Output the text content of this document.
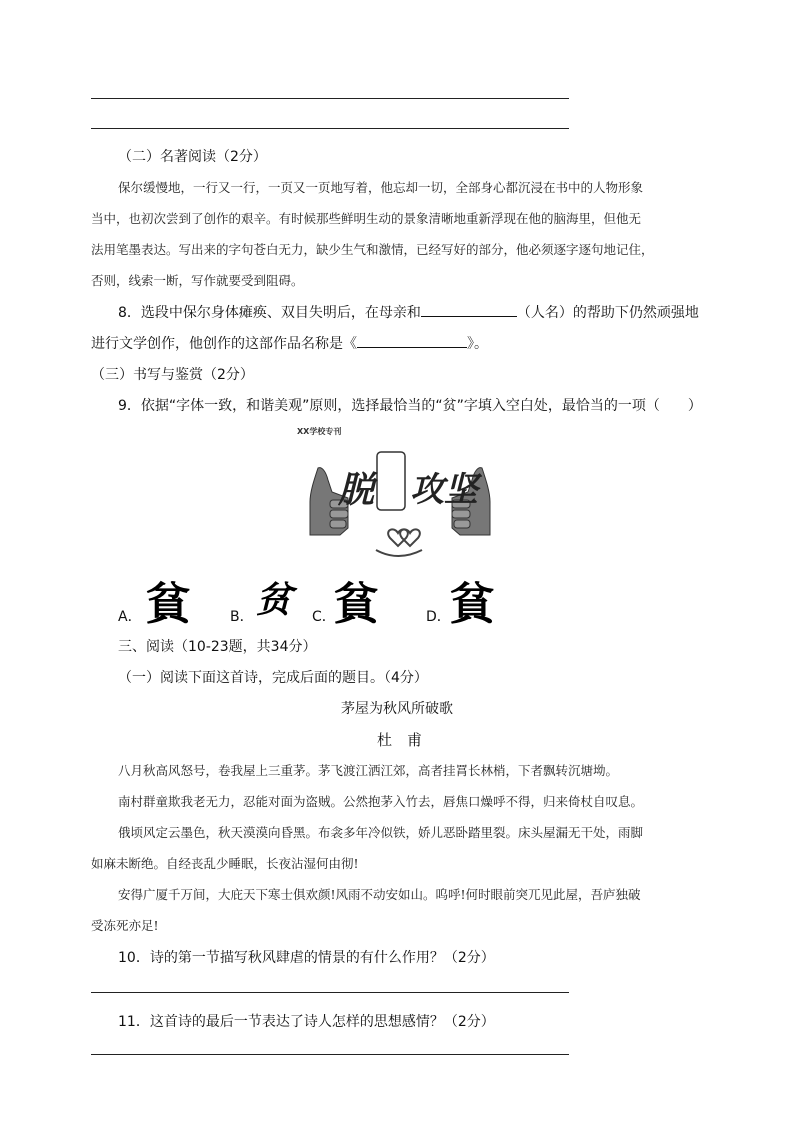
（二）名著阅读（2分）
保尔缓慢地，一行又一行，一页又一页地写着，他忘却一切，全部身心都沉浸在书中的人物形象
当中，也初次尝到了创作的艰辛。有时候那些鲜明生动的景象清晰地重新浮现在他的脑海里，但他无
法用笔墨表达。写出来的字句苍白无力，缺少生气和激情，已经写好的部分，他必须逐字逐句地记住，
否则，线索一断，写作就要受到阻碍。
8．选段中保尔身体瘫痪、双目失明后，在母亲和	（人名）的帮助下仍然顽强地
进行文学创作，他创作的这部作品名称是《	》。
（三）书写与鉴赏（2分）
9．依据“字体一致，和谐美观”原则，选择最恰当的“贫”字填入空白处，最恰当的一项（　　）
XX学校专刊
脱 攻坚
A． 貧	B． 贫 C．
貧	D． 貧
三、阅读（10-23题，共34分）
（一）阅读下面这首诗，完成后面的题目。（4分）
茅屋为秋风所破歌
杜　甫
八月秋高风怒号，卷我屋上三重茅。茅飞渡江洒江郊，高者挂罥长林梢，下者飘转沉塘坳。
南村群童欺我老无力，忍能对面为盗贼。公然抱茅入竹去，唇焦口燥呼不得，归来倚杖自叹息。
俄顷风定云墨色，秋天漠漠向昏黑。布衾多年冷似铁，娇儿恶卧踏里裂。床头屋漏无干处，雨脚
如麻未断绝。自经丧乱少睡眠，长夜沾湿何由彻!
安得广厦千万间，大庇天下寒士俱欢颜!风雨不动安如山。呜呼!何时眼前突兀见此屋，吾庐独破
受冻死亦足!
10．诗的第一节描写秋风肆虐的情景的有什么作用？（2分）
11．这首诗的最后一节表达了诗人怎样的思想感情？（2分）
